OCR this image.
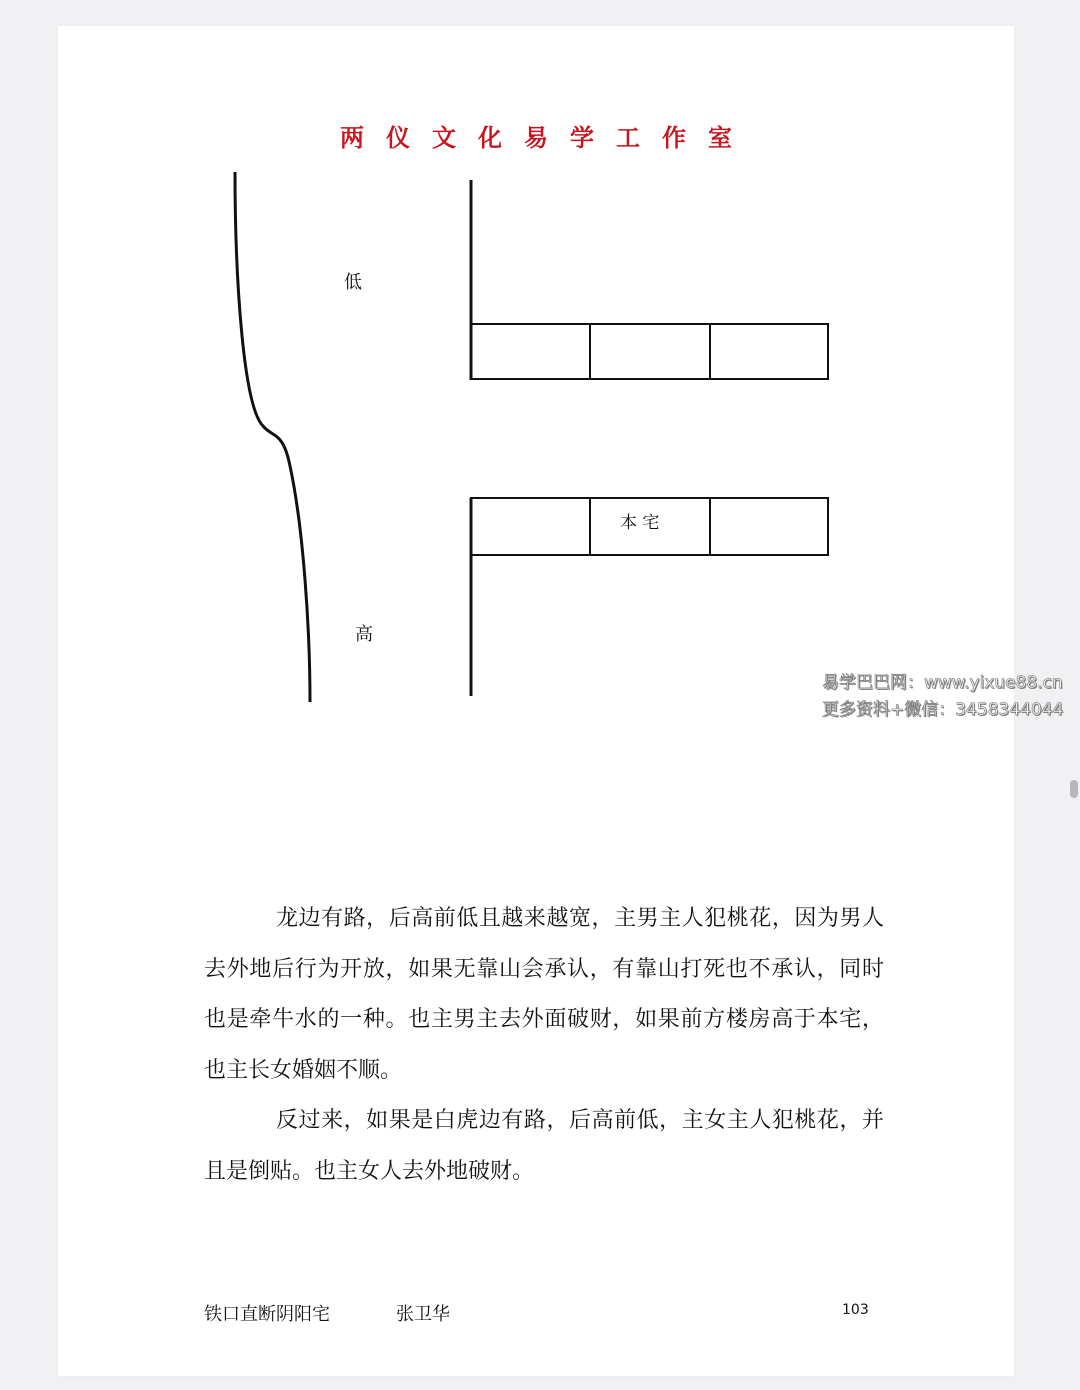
两仪文化易学工作室
低
高
本 宅

龙边有路，后高前低且越来越宽，主男主人犯桃花，因为男人去外地后行为开放，如果无靠山会承认，有靠山打死也不承认，同时也是牵牛水的一种。也主男主去外面破财，如果前方楼房高于本宅，也主长女婚姻不顺。

反过来，如果是白虎边有路，后高前低，主女主人犯桃花，并且是倒贴。也主女人去外地破财。

铁口直断阴阳宅	张卫华	103
易学巴巴网：www.yixue88.cn
更多资料+微信：3458344044
